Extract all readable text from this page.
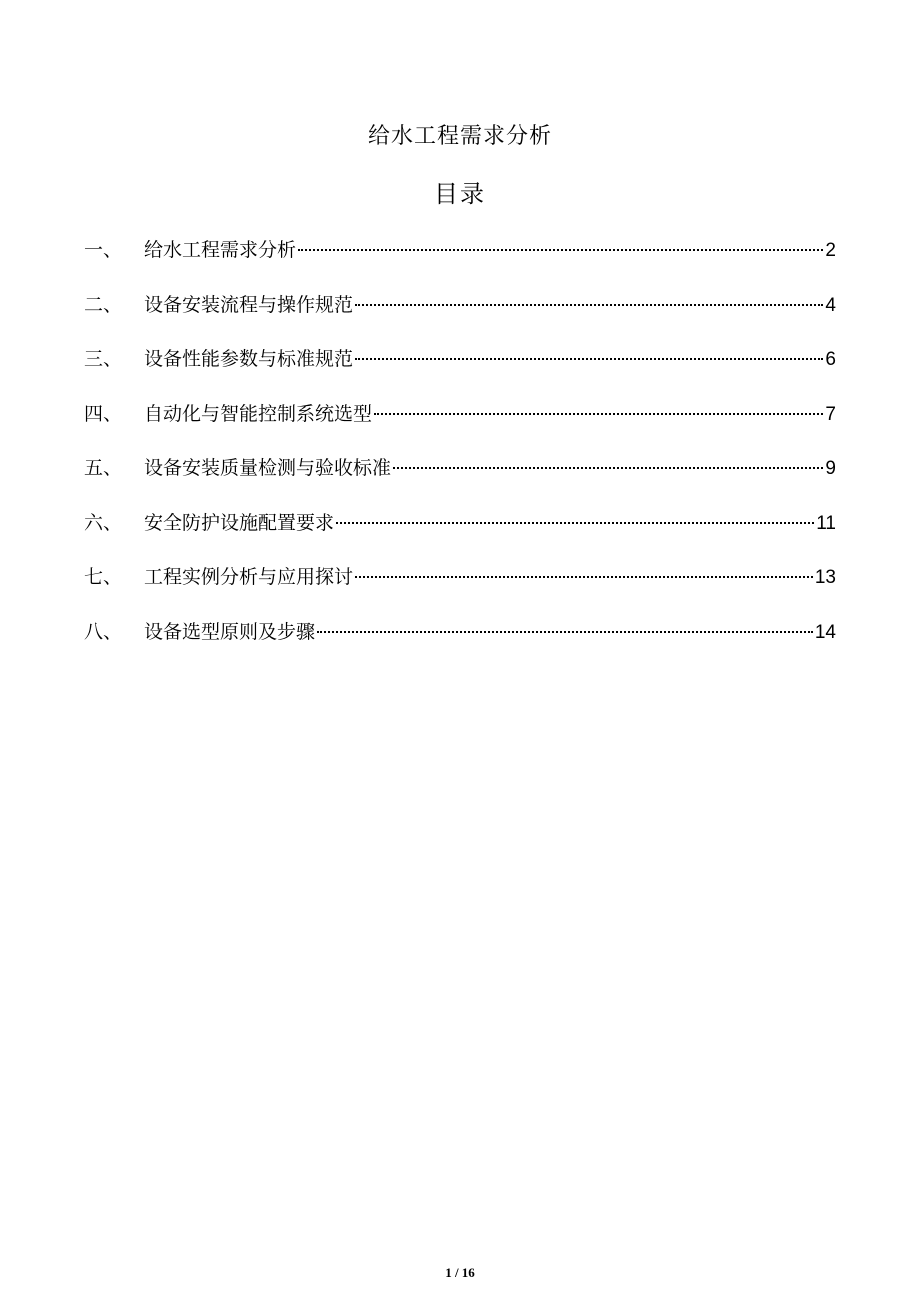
给水工程需求分析
目录
一、	给水工程需求分析	2
二、	设备安装流程与操作规范	4
三、	设备性能参数与标准规范	6
四、	自动化与智能控制系统选型	7
五、	设备安装质量检测与验收标准	9
六、	安全防护设施配置要求	11
七、	工程实例分析与应用探讨	13
八、	设备选型原则及步骤	14
1 / 16
